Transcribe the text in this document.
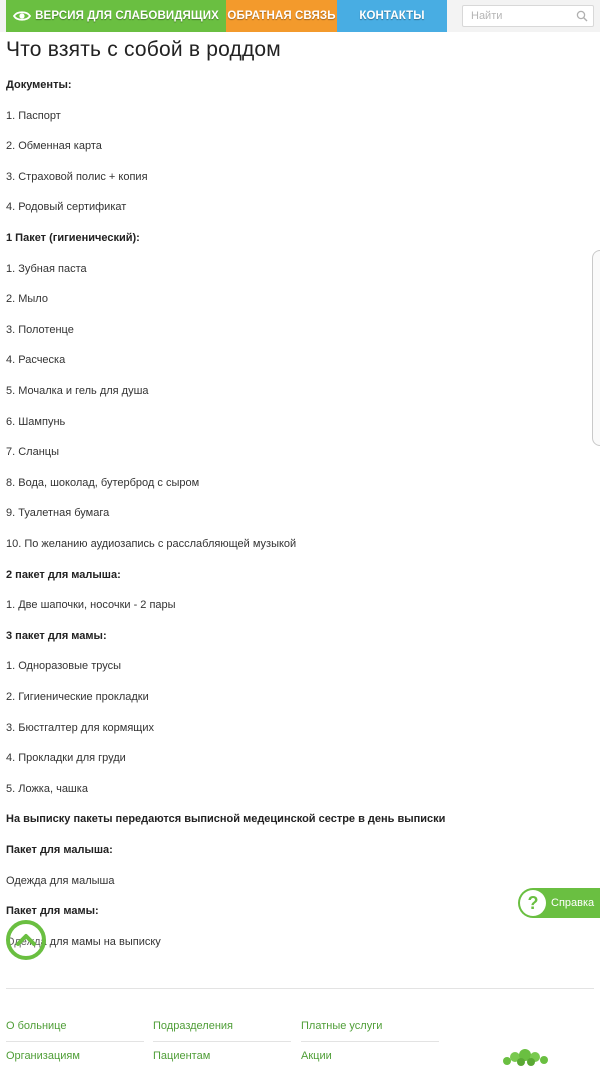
ВЕРСИЯ ДЛЯ СЛАБОВИДЯЩИХ ОБРАТНАЯ СВЯЗЬ КОНТАКТЫ
Найти
Что взять с собой в роддом
Документы:
1. Паспорт
2. Обменная карта
3. Страховой полис + копия
4. Родовый сертификат
1 Пакет (гигиенический):
1. Зубная паста
2. Мыло
3. Полотенце
4. Расческа
5. Мочалка и гель для душа
6. Шампунь
7. Сланцы
8. Вода, шоколад, бутерброд с сыром
9. Туалетная бумага
10. По желанию аудиозапись с расслабляющей музыкой
2 пакет для малыша:
1. Две шапочки, носочки - 2 пары
3 пакет для мамы:
1. Одноразовые трусы
2. Гигиенические прокладки
3. Бюстгалтер для кормящих
4. Прокладки для груди
5. Ложка, чашка
На выписку пакеты передаются выписной медецинской сестре в день выписки
Пакет для малыша:
Одежда для малыша
Пакет для мамы:
Одежда для мамы на выписку
?	Справка
О больнице	Подразделения	Платные услуги
Организациям	Пациентам	Акции
